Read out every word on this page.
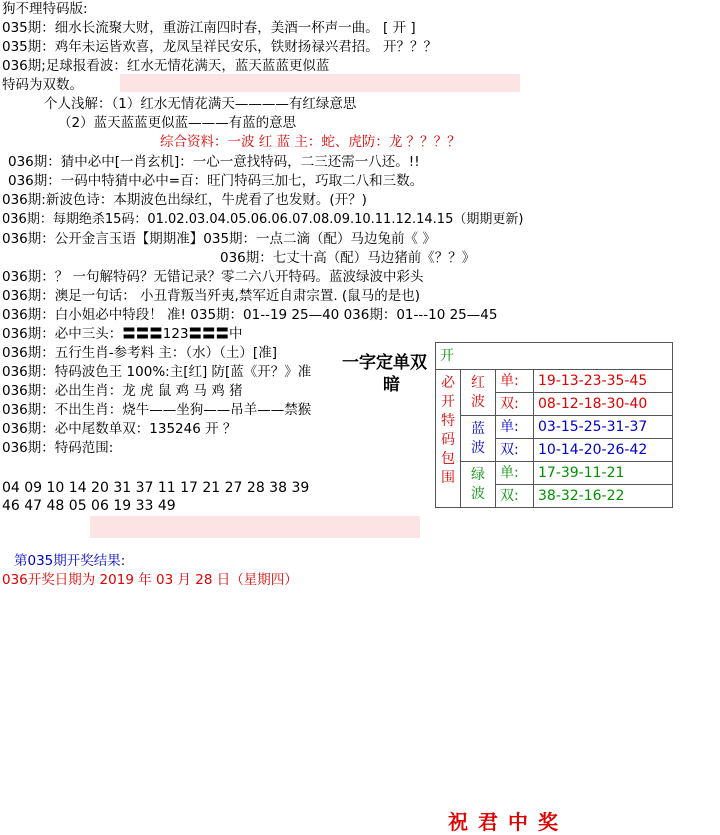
狗不理特码版:
035期：细水长流聚大财，重游江南四时春，美酒一杯声一曲。 [ 开 ]
035期：鸡年未运皆欢喜，龙凤呈祥民安乐，铁财扬禄兴君招。 开？？？
036期;足球报看波：红水无情花满天，蓝天蓝蓝更似蓝
特码为双数。
个人浅解：（1）红水无情花满天————有红绿意思
（2）蓝天蓝蓝更似蓝———有蓝的意思
综合资料：一波 红 蓝 主：蛇、虎防：龙 ？？？？
036期：猜中必中[一肖玄机]：一心一意找特码，二三还需一八还。!!
036期：一码中特猜中必中=百：旺门特码三加七，巧取二八和三数。
036期:新波色诗：本期波色出绿红，牛虎看了也发财。(开？)
036期：每期绝杀15码：01.02.03.04.05.06.06.07.08.09.10.11.12.14.15（期期更新)
036期：公开金言玉语【期期准】035期：一点二滴（配）马边兔前《 》
036期：七丈十高（配）马边猪前《？？》
036期：？ 一句解特码？无错记录？零二六八开特码。蓝波绿波中彩头
036期：澳足一句话： 小丑背叛当歼夷,禁军近自肃宗置. (鼠马的是也)
036期：白小姐必中特段！ 准! 035期：01--19 25—40 036期：01---10 25—45
036期：必中三头：〓〓〓123〓〓〓中
036期：五行生肖-参考料 主：（水）（土）[准]
036期：特码波色王 100%:主[红] 防[蓝《开？》准
036期：必出生肖：龙 虎 鼠 鸡 马 鸡 猪
036期：不出生肖：烧牛——坐狗——吊羊——禁猴
036期：必中尾数单双：135246 开 ？
036期：特码范围:
04 09 10 14 20 31 37 11 17 21 27 28 38 39
46 47 48 05 06 19 33 49
第035期开奖结果:
036开奖日期为 2019 年 03 月 28 日（星期四）
一字定单双
暗
开			
必开特码包围	红波	单:	19-13-23-35-45
		双:	08-12-18-30-40
	蓝波	单:	03-15-25-31-37
		双:	10-14-20-26-42
	绿波	单:	17-39-11-21
		双:	38-32-16-22
祝君中奖
